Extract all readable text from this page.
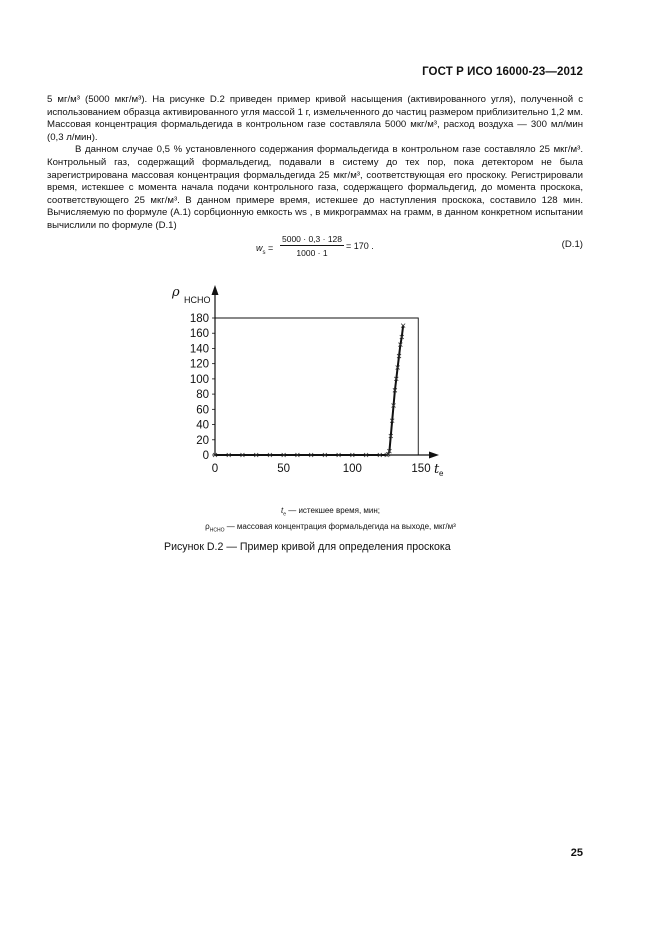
ГОСТ Р ИСО 16000-23—2012

5 мг/м³ (5000 мкг/м³). На рисунке D.2 приведен пример кривой насыщения (активированного угля), полученной с использованием образца активированного угля массой 1 г, измельченного до частиц размером приблизительно 1,2 мм. Массовая концентрация формальдегида в контрольном газе составляла 5000 мкг/м³, расход воздуха — 300 мл/мин (0,3 л/мин).

В данном случае 0,5 % установленного содержания формальдегида в контрольном газе составляло 25 мкг/м³. Контрольный газ, содержащий формальдегид, подавали в систему до тех пор, пока детектором не была зарегистрирована массовая концентрация формальдегида 25 мкг/м³, соответствующая его проскоку. Регистрировали время, истекшее с момента начала подачи контрольного газа, содержащего формальдегид, до момента проскока, соответствующего 25 мкг/м³. В данном примере время, истекшее до наступления проскока, составило 128 мин. Вычисляемую по формуле (А.1) сорбционную емкость ws , в микрограммах на грамм, в данном конкретном испытании вычислили по формуле (D.1)

$w_s$ =
5000 · 0,3 · 128
1000 · 1
= 170 .	(D.1)
0
20
40
60
80
100
120
140
160
180
0	50	100	150
ρ HCHO
t e
$t_e$ — истекшее время, мин;
$\rho_{HCHO}$ — массовая концентрация формальдегида на выходе, мкг/м³
Рисунок D.2 — Пример кривой для определения проскока
25
